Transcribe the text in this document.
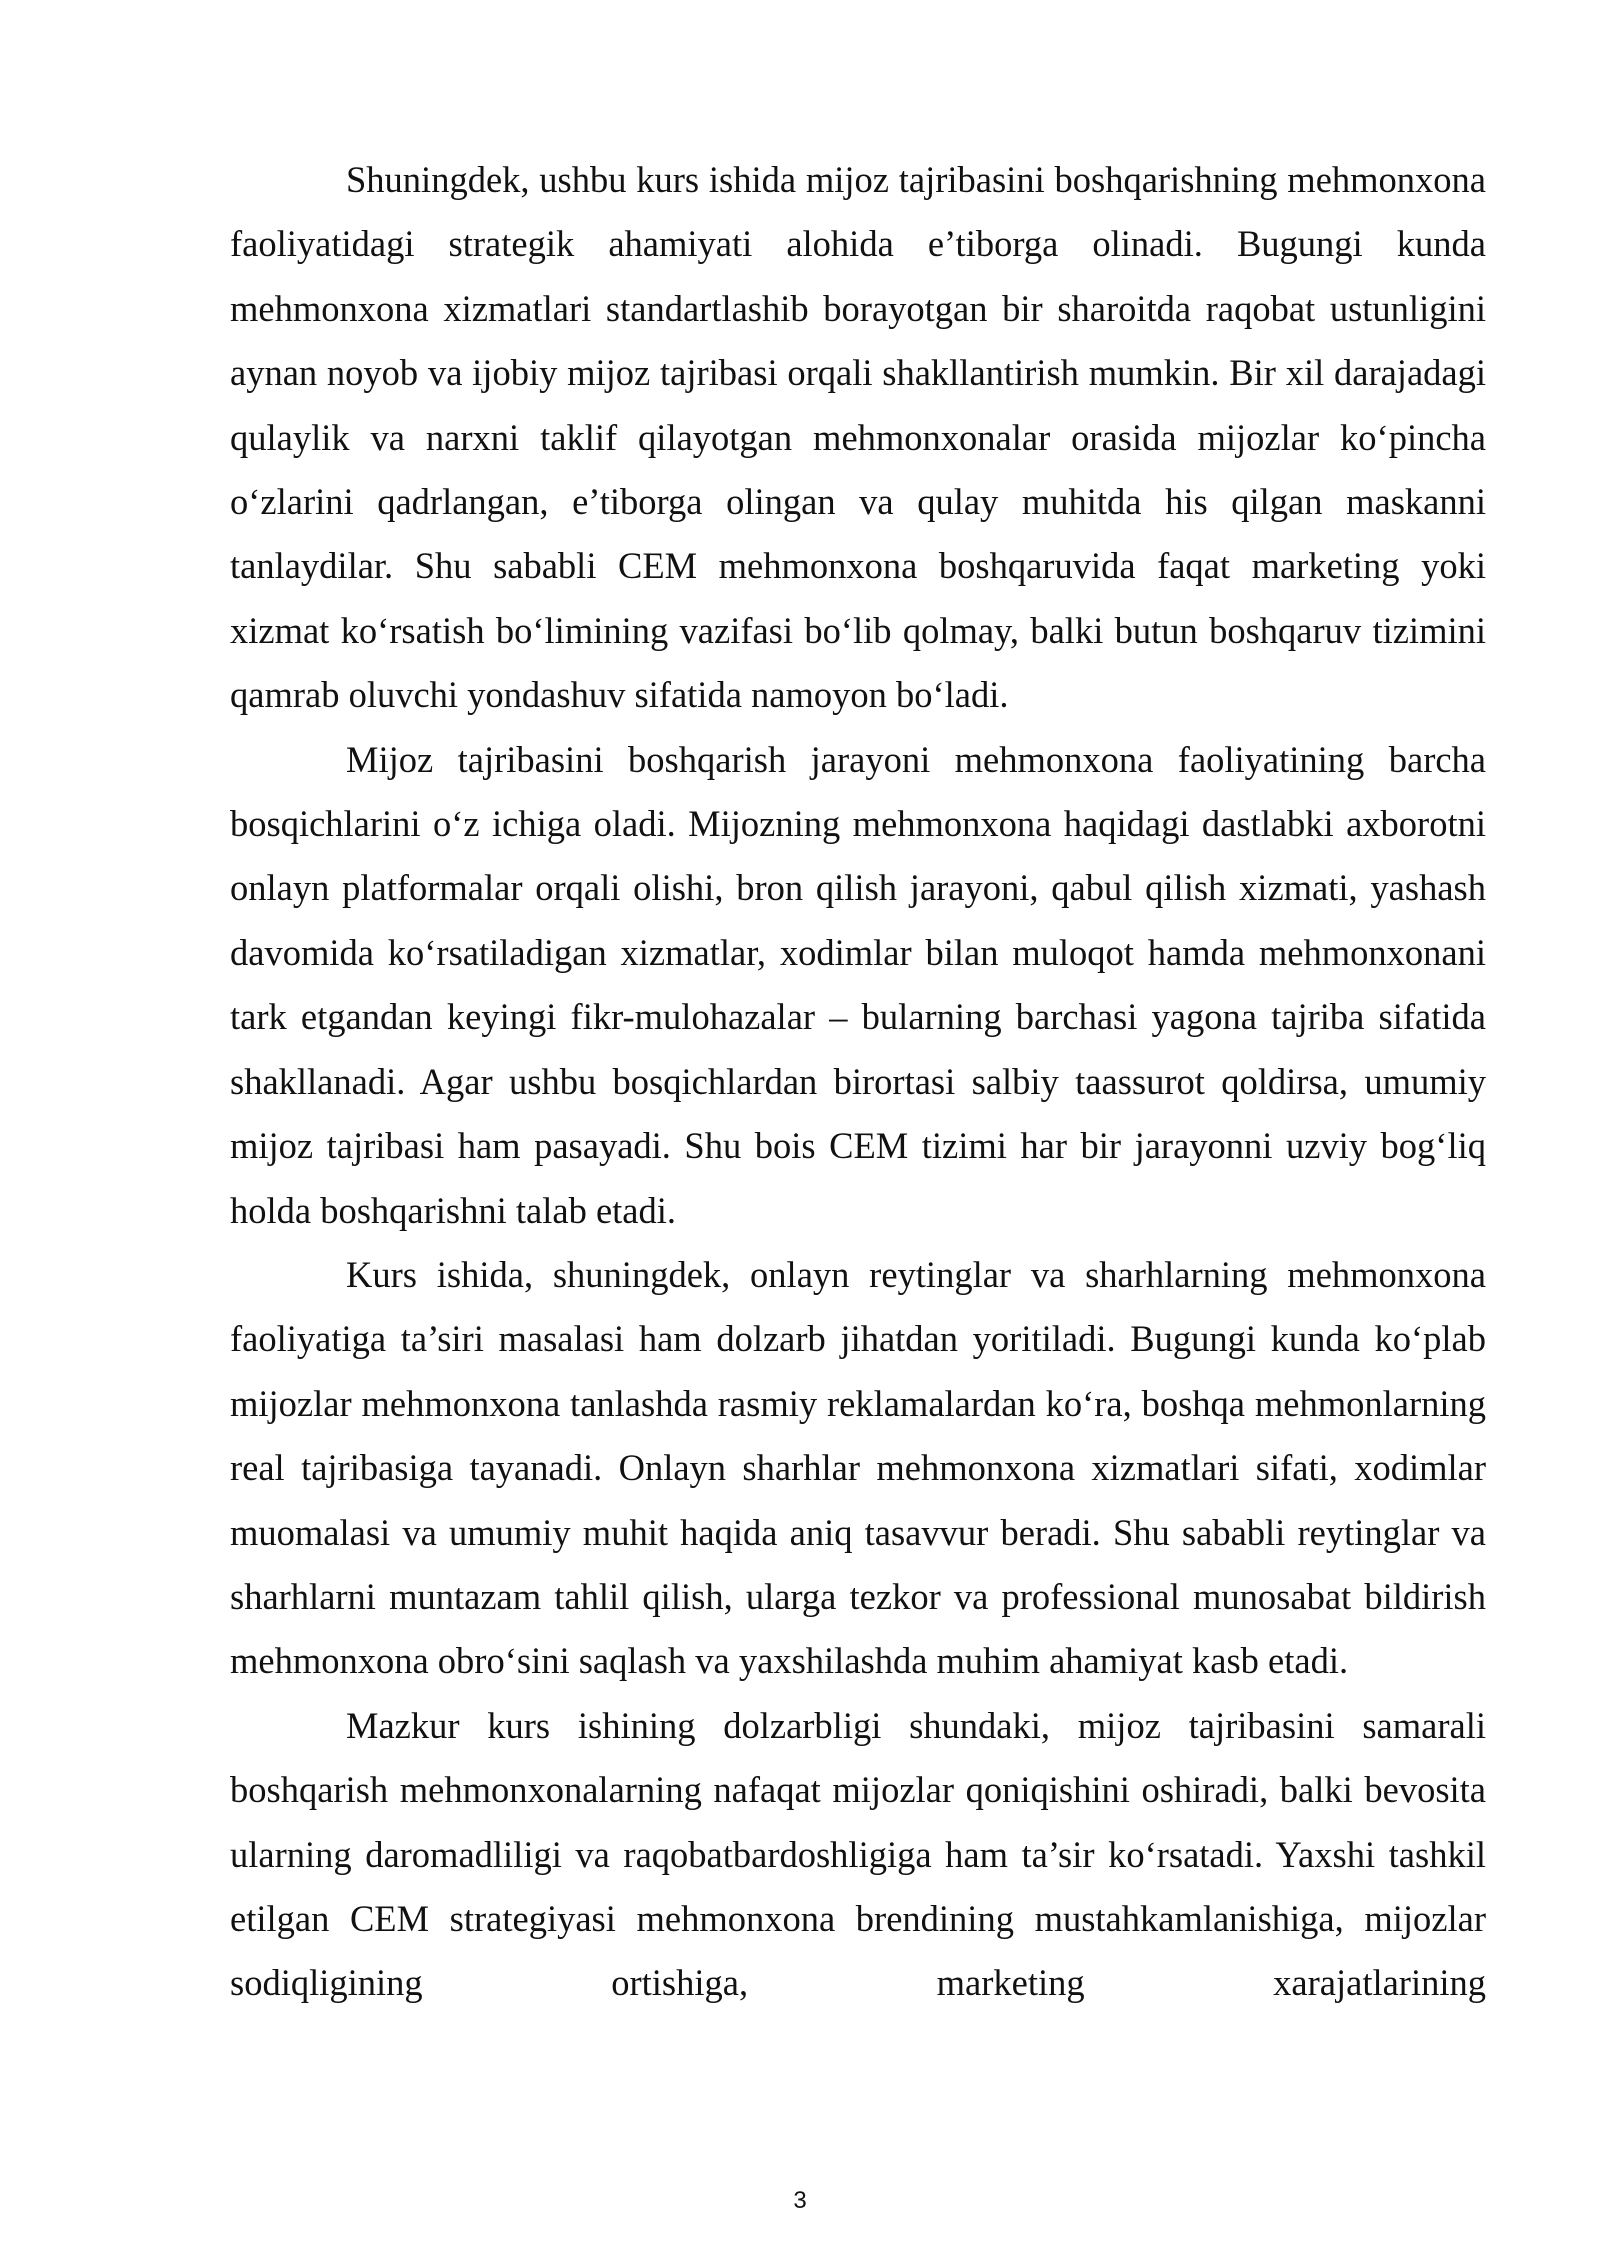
Shuningdek, ushbu kurs ishida mijoz tajribasini boshqarishning mehmonxona faoliyatidagi strategik ahamiyati alohida e’tiborga olinadi. Bugungi kunda mehmonxona xizmatlari standartlashib borayotgan bir sharoitda raqobat ustunligini aynan noyob va ijobiy mijoz tajribasi orqali shakllantirish mumkin. Bir xil darajadagi qulaylik va narxni taklif qilayotgan mehmonxonalar orasida mijozlar ko‘pincha o‘zlarini qadrlangan, e’tiborga olingan va qulay muhitda his qilgan maskanni tanlaydilar. Shu sababli CEM mehmonxona boshqaruvida faqat marketing yoki xizmat ko‘rsatish bo‘limining vazifasi bo‘lib qolmay, balki butun boshqaruv tizimini qamrab oluvchi yondashuv sifatida namoyon bo‘ladi.

Mijoz tajribasini boshqarish jarayoni mehmonxona faoliyatining barcha bosqichlarini o‘z ichiga oladi. Mijozning mehmonxona haqidagi dastlabki axborotni onlayn platformalar orqali olishi, bron qilish jarayoni, qabul qilish xizmati, yashash davomida ko‘rsatiladigan xizmatlar, xodimlar bilan muloqot hamda mehmonxonani tark etgandan keyingi fikr-mulohazalar – bularning barchasi yagona tajriba sifatida shakllanadi. Agar ushbu bosqichlardan birortasi salbiy taassurot qoldirsa, umumiy mijoz tajribasi ham pasayadi. Shu bois CEM tizimi har bir jarayonni uzviy bog‘liq holda boshqarishni talab etadi.

Kurs ishida, shuningdek, onlayn reytinglar va sharhlarning mehmonxona faoliyatiga ta’siri masalasi ham dolzarb jihatdan yoritiladi. Bugungi kunda ko‘plab mijozlar mehmonxona tanlashda rasmiy reklamalardan ko‘ra, boshqa mehmonlarning real tajribasiga tayanadi. Onlayn sharhlar mehmonxona xizmatlari sifati, xodimlar muomalasi va umumiy muhit haqida aniq tasavvur beradi. Shu sababli reytinglar va sharhlarni muntazam tahlil qilish, ularga tezkor va professional munosabat bildirish mehmonxona obro‘sini saqlash va yaxshilashda muhim ahamiyat kasb etadi.

Mazkur kurs ishining dolzarbligi shundaki, mijoz tajribasini samarali boshqarish mehmonxonalarning nafaqat mijozlar qoniqishini oshiradi, balki bevosita ularning daromadliligi va raqobatbardoshligiga ham ta’sir ko‘rsatadi. Yaxshi tashkil etilgan CEM strategiyasi mehmonxona brendining mustahkamlanishiga, mijozlar sodiqligining ortishiga, marketing xarajatlarining

3
